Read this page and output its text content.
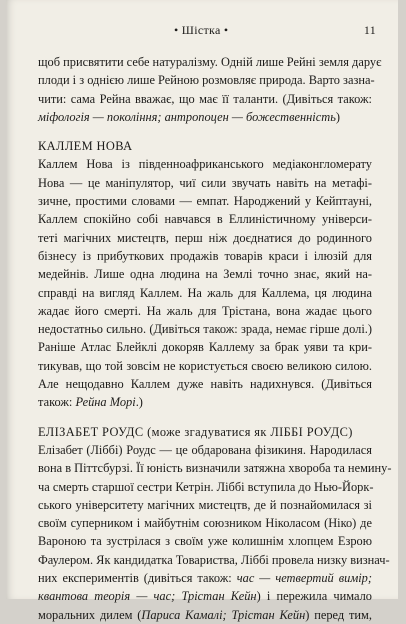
• Шістка •	11
щоб присвятити себе натуралізму. Одній лише Рейні земля дарує
плоди і з однією лише Рейною розмовляє природа. Варто зазна-
чити: сама Рейна вважає, що має її таланти. (Дивіться також:
міфологія — покоління; антропоцен — божественність)
КАЛЛЕМ НОВА
Каллем Нова із південноафриканського медіаконгломерату
Нова — це маніпулятор, чиї сили звучать навіть на метафі-
зичне, простими словами — емпат. Народжений у Кейптауні,
Каллем спокійно собі навчався в Еллиністичному універси-
теті магічних мистецтв, перш ніж доєднатися до родинного
бізнесу із прибуткових продажів товарів краси і ілюзій для
медейнів. Лише одна людина на Землі точно знає, який на-
справді на вигляд Каллем. На жаль для Каллема, ця людина
жадає його смерті. На жаль для Трістана, вона жадає цього
недостатньо сильно. (Дивіться також: зрада, немає гірше долі.)
Раніше Атлас Блейклі докоряв Каллему за брак уяви та кри-
тикував, що той зовсім не користується своєю великою силою.
Але нещодавно Каллем дуже навіть надихнувся. (Дивіться
також: Рейна Морі.)
ЕЛІЗАБЕТ РОУДС (може згадуватися як ЛІББІ РОУДС)
Елізабет (Ліббі) Роудс — це обдарована фізикиня. Народилася
вона в Піттсбурзі. Її юність визначили затяжна хвороба та немину-
ча смерть старшої сестри Кетрін. Ліббі вступила до Нью-Йорк-
ського університету магічних мистецтв, де й познайомилася зі
своїм суперником і майбутнім союзником Ніколасом (Ніко) де
Вароною та зустрілася з своїм уже колишнім хлопцем Езрою
Фаулером. Як кандидатка Товариства, Ліббі провела низку визнач-
них експериментів (дивіться також: час — четвертий вимір;
квантова теорія — час; Трістан Кейн) і пережила чимало
моральних дилем (Париса Камалі; Трістан Кейн) перед тим,
